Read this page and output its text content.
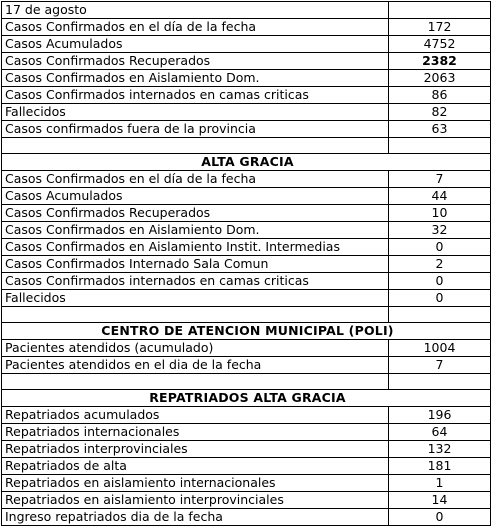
17 de agosto	
Casos Confirmados en el día de la fecha	172
Casos Acumulados	4752
Casos Confirmados Recuperados	2382
Casos Confirmados en Aislamiento Dom.	2063
Casos Confirmados internados en camas criticas	86
Fallecidos	82
Casos confirmados fuera de la provincia	63

ALTA GRACIA	
Casos Confirmados en el día de la fecha	7
Casos Acumulados	44
Casos Confirmados Recuperados	10
Casos Confirmados en Aislamiento Dom.	32
Casos Confirmados en Aislamiento Instit. Intermedias	0
Casos Confirmados Internado Sala Comun	2
Casos Confirmados internados en camas criticas	0
Fallecidos	0

CENTRO DE ATENCION MUNICIPAL (POLI)	
Pacientes atendidos (acumulado)	1004
Pacientes atendidos en el dia de la fecha	7

REPATRIADOS ALTA GRACIA	
Repatriados acumulados	196
Repatriados internacionales	64
Repatriados interprovinciales	132
Repatriados de alta	181
Repatriados en aislamiento internacionales	1
Repatriados en aislamiento interprovinciales	14
Ingreso repatriados dia de la fecha	0
